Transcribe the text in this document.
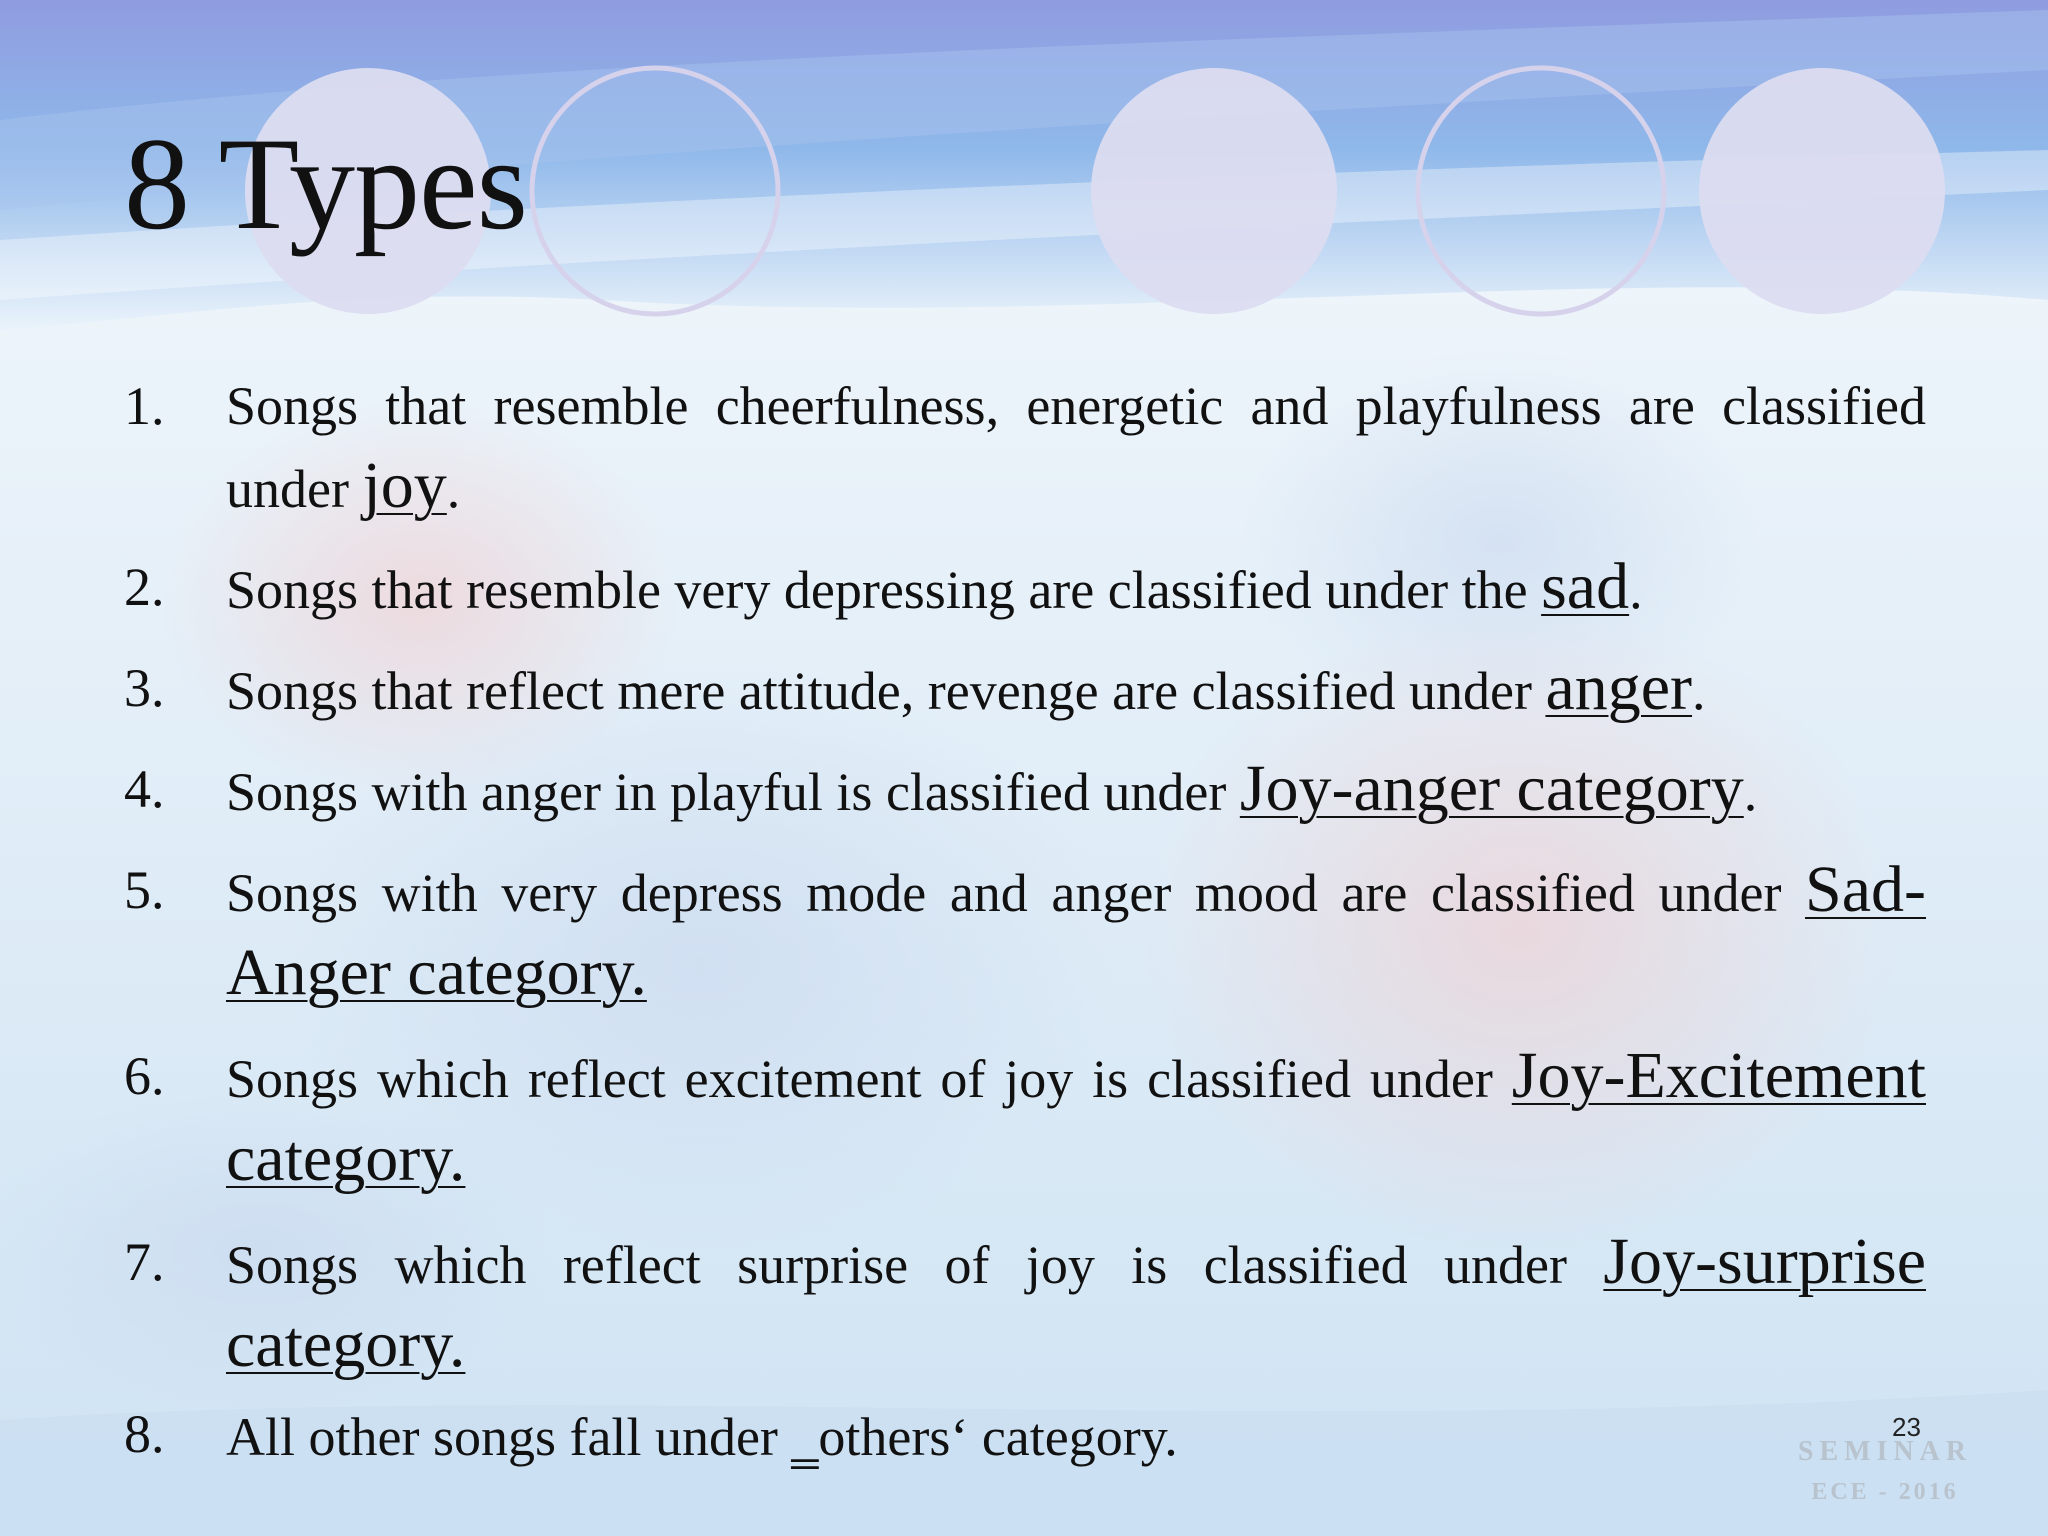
8 Types
1. Songs that resemble cheerfulness, energetic and playfulness are classified under joy.
2. Songs that resemble very depressing are classified under the sad.
3. Songs that reflect mere attitude, revenge are classified under anger.
4. Songs with anger in playful is classified under Joy-anger category.
5. Songs with very depress mode and anger mood are classified under Sad-Anger category.
6. Songs which reflect excitement of joy is classified under Joy-Excitement category.
7. Songs which reflect surprise of joy is classified under Joy-surprise category.
8. All other songs fall under ‗others‘ category.	23
SEMINAR
ECE - 2016
